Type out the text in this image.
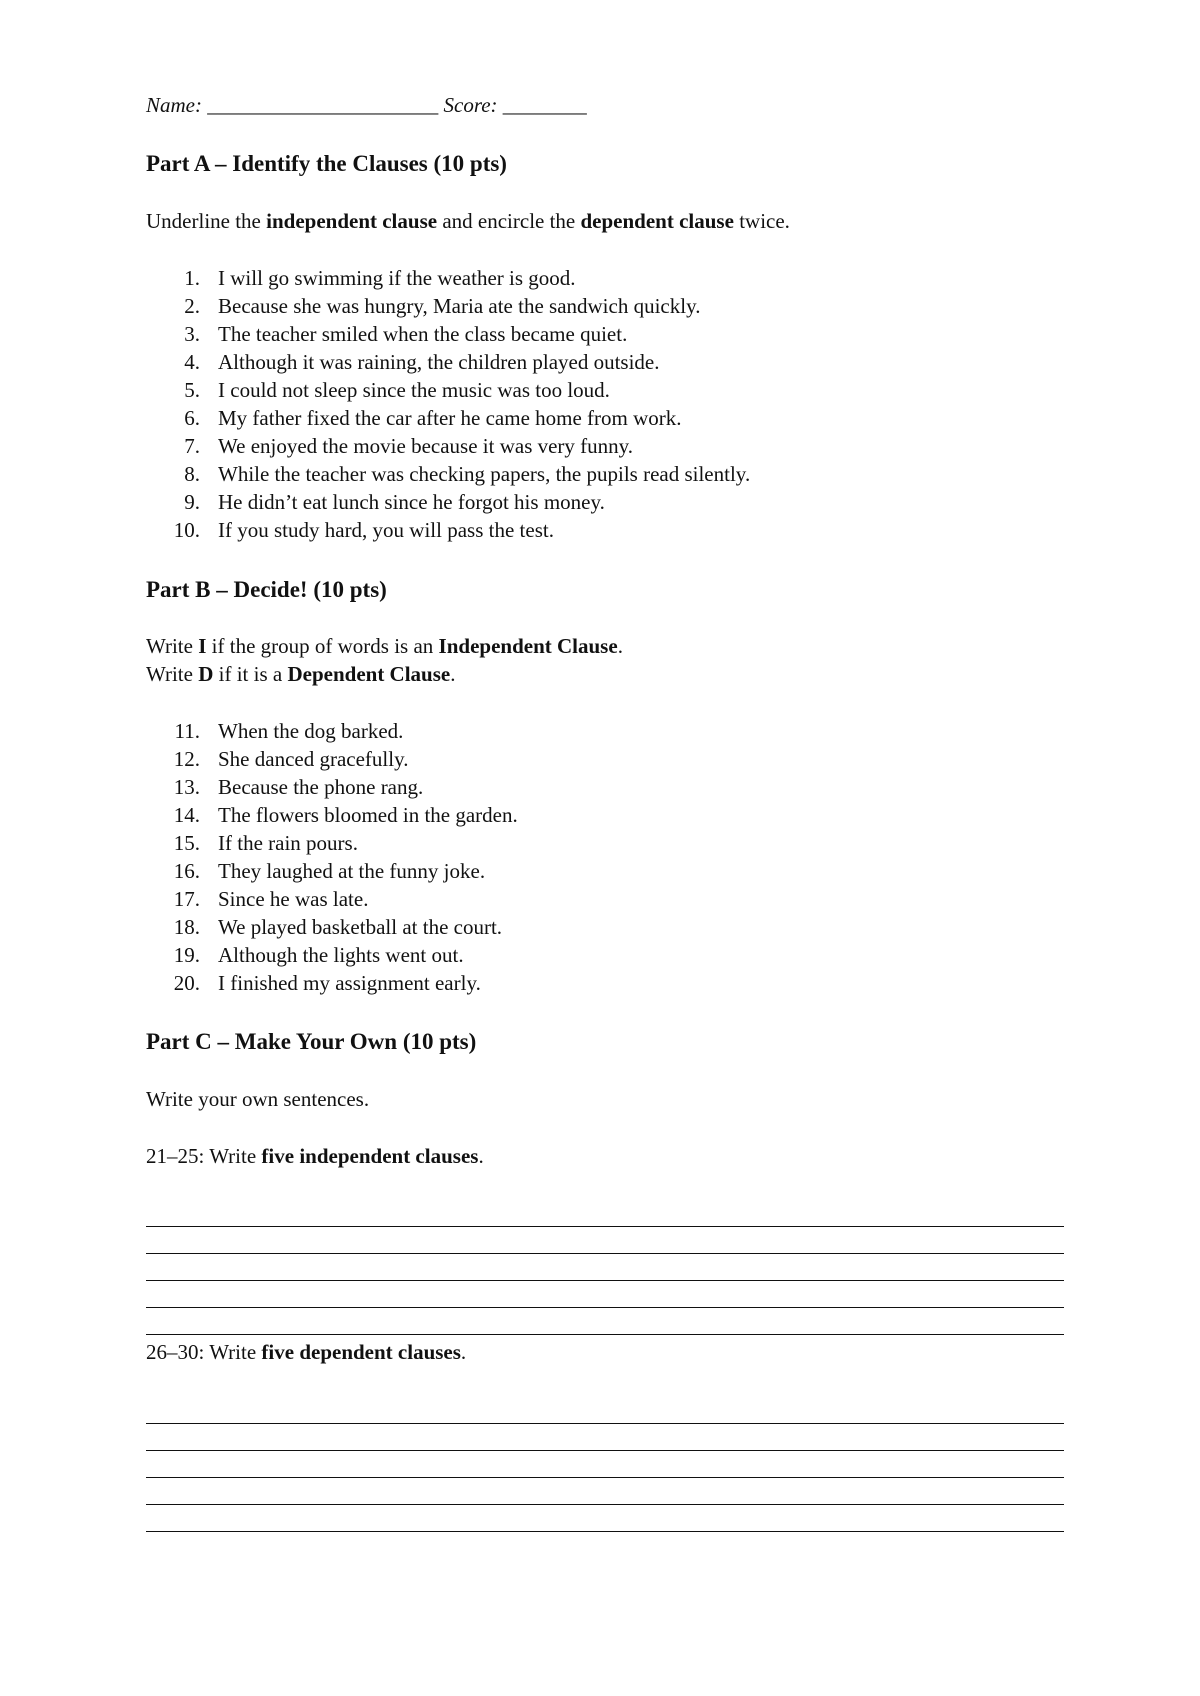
Name: ______________________ Score: ________
Part A – Identify the Clauses (10 pts)
Underline the independent clause and encircle the dependent clause twice.
1. I will go swimming if the weather is good.
2. Because she was hungry, Maria ate the sandwich quickly.
3. The teacher smiled when the class became quiet.
4. Although it was raining, the children played outside.
5. I could not sleep since the music was too loud.
6. My father fixed the car after he came home from work.
7. We enjoyed the movie because it was very funny.
8. While the teacher was checking papers, the pupils read silently.
9. He didn’t eat lunch since he forgot his money.
10. If you study hard, you will pass the test.
Part B – Decide! (10 pts)
Write I if the group of words is an Independent Clause.
Write D if it is a Dependent Clause.
11. When the dog barked.
12. She danced gracefully.
13. Because the phone rang.
14. The flowers bloomed in the garden.
15. If the rain pours.
16. They laughed at the funny joke.
17. Since he was late.
18. We played basketball at the court.
19. Although the lights went out.
20. I finished my assignment early.
Part C – Make Your Own (10 pts)
Write your own sentences.
21–25: Write five independent clauses.
26–30: Write five dependent clauses.
